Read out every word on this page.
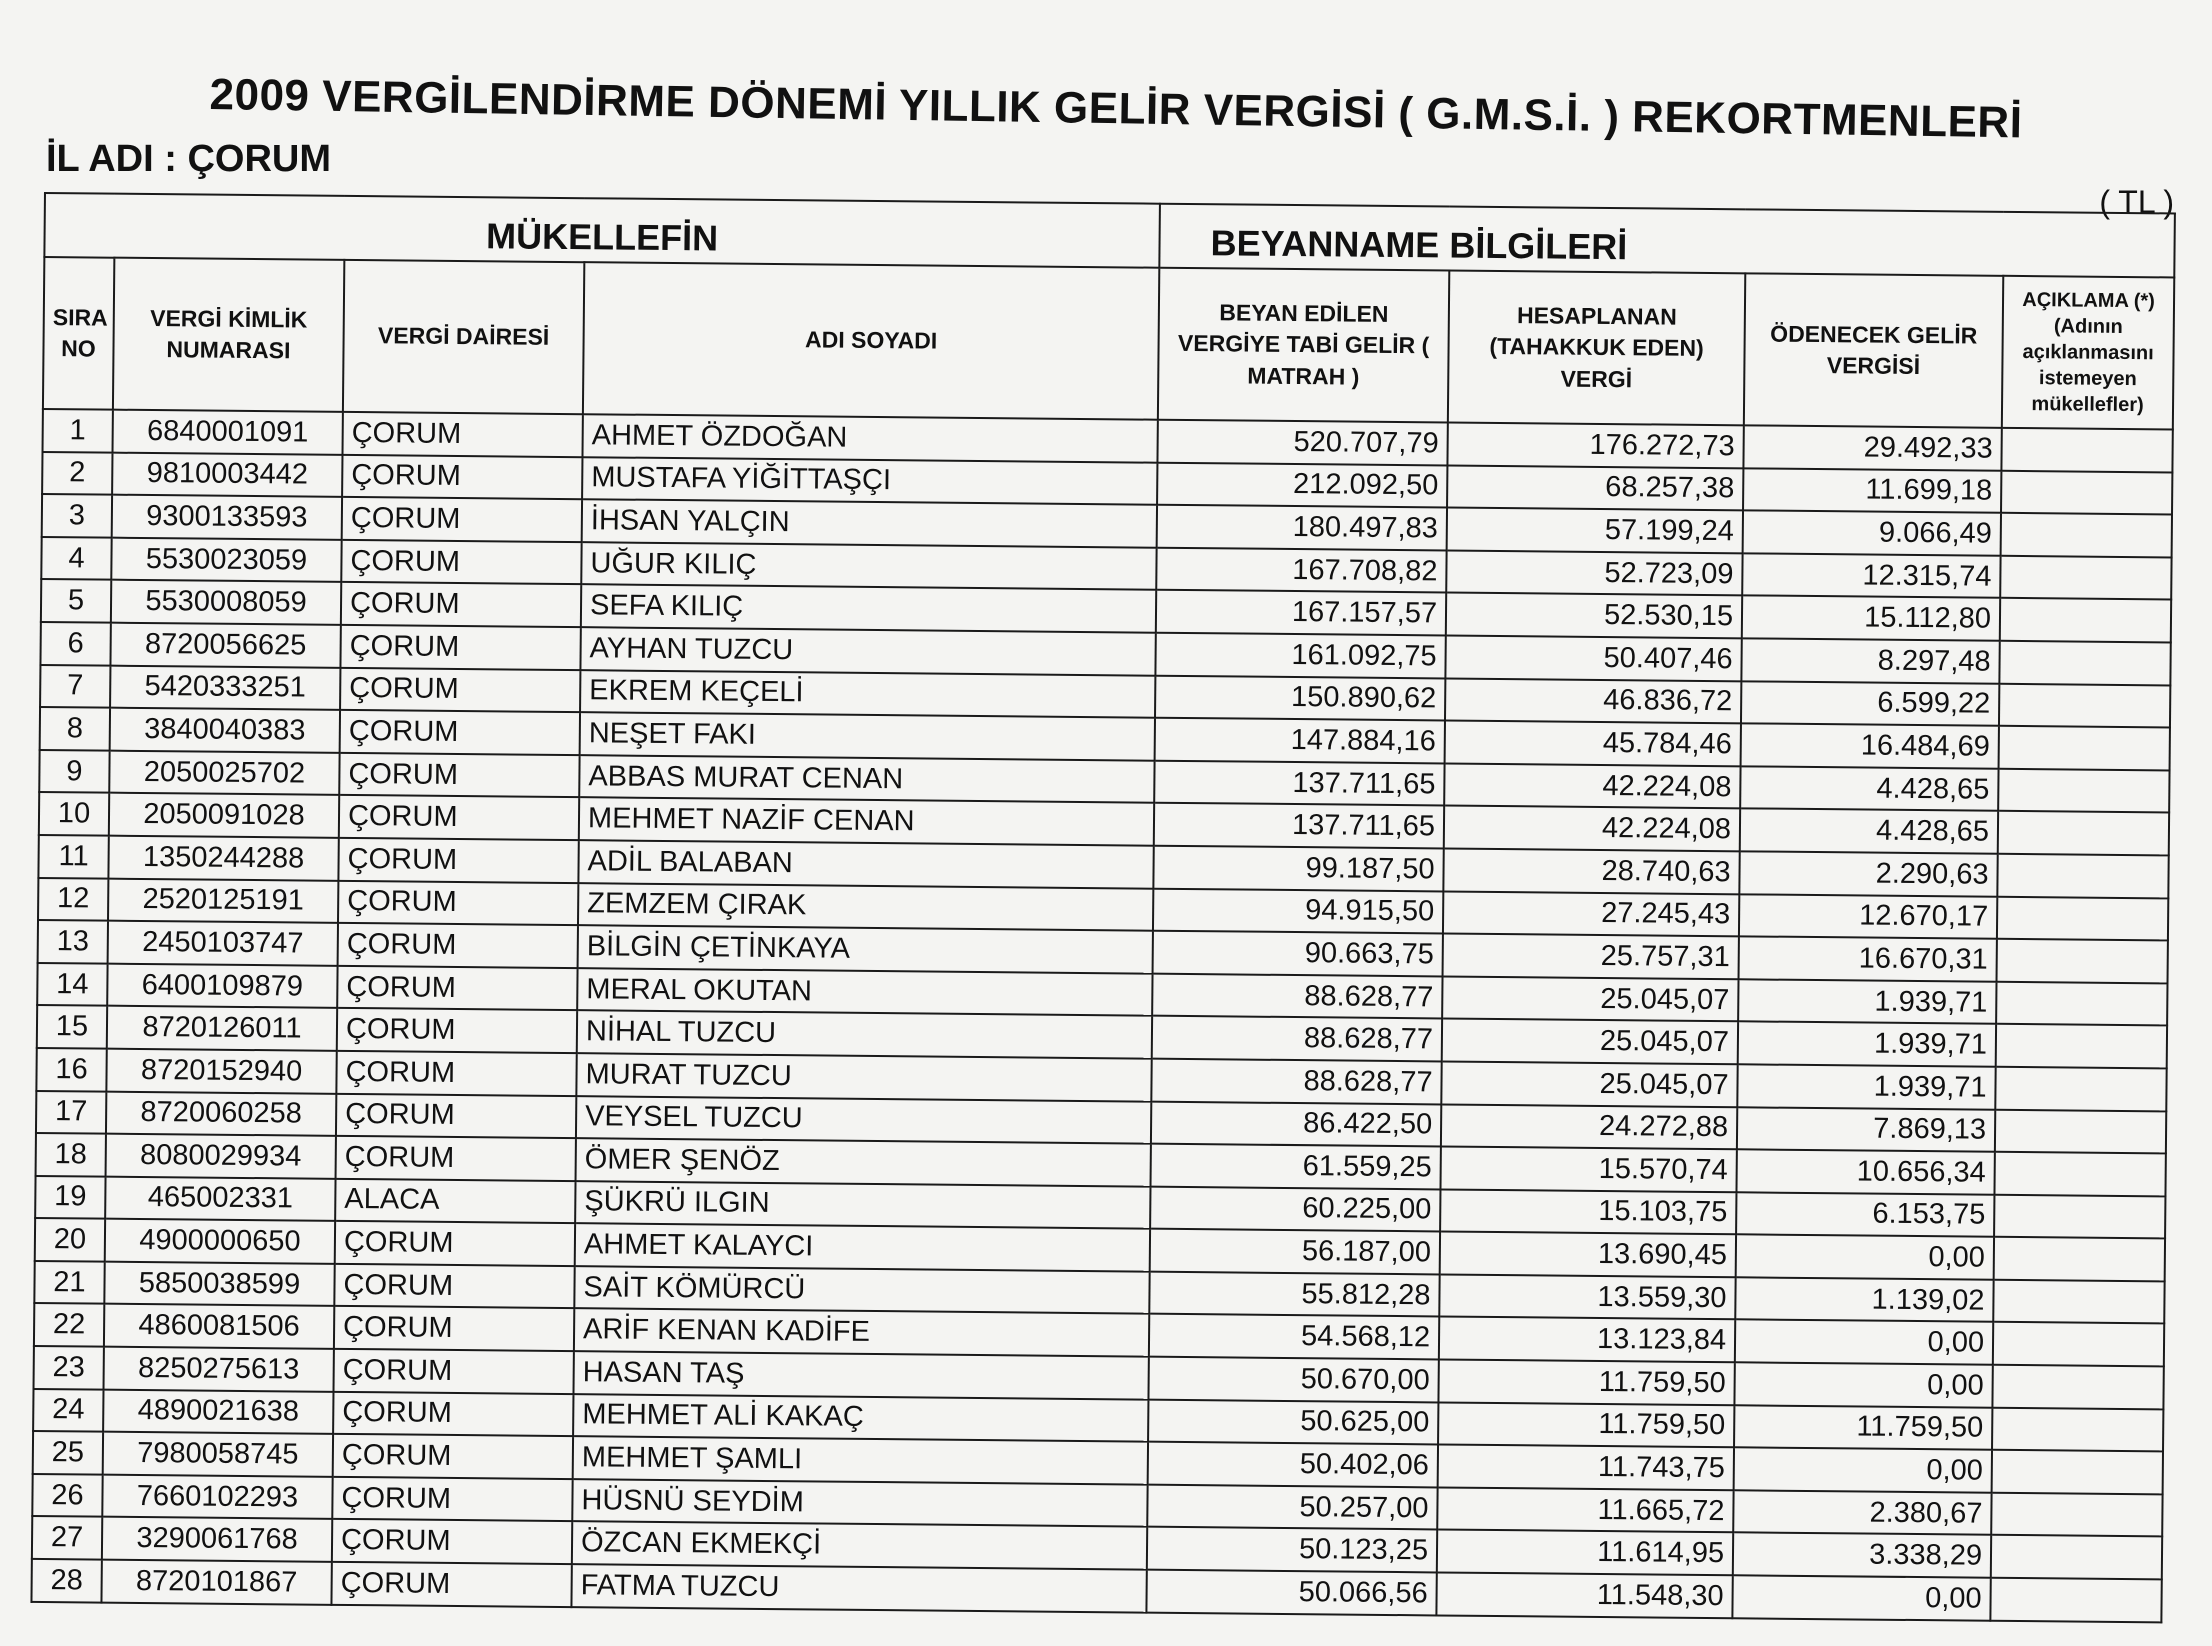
2009 VERGİLENDİRME DÖNEMİ YILLIK GELİR VERGİSİ ( G.M.S.İ. ) REKORTMENLERİ
İL ADI : ÇORUM
( TL )
MÜKELLEFİN				BEYANNAME BİLGİLERİ			
SIRA NO	VERGİ KİMLİK NUMARASI	VERGİ DAİRESİ	ADI SOYADI	BEYAN EDİLEN VERGİYE TABİ GELİR ( MATRAH )	HESAPLANAN (TAHAKKUK EDEN) VERGİ	ÖDENECEK GELİR VERGİSİ	AÇIKLAMA (*) (Adının açıklanmasını istemeyen mükellefler)
1	6840001091	ÇORUM	AHMET ÖZDOĞAN	520.707,79	176.272,73	29.492,33	
2	9810003442	ÇORUM	MUSTAFA YİĞİTTAŞÇI	212.092,50	68.257,38	11.699,18	
3	9300133593	ÇORUM	İHSAN YALÇIN	180.497,83	57.199,24	9.066,49	
4	5530023059	ÇORUM	UĞUR KILIÇ	167.708,82	52.723,09	12.315,74	
5	5530008059	ÇORUM	SEFA KILIÇ	167.157,57	52.530,15	15.112,80	
6	8720056625	ÇORUM	AYHAN TUZCU	161.092,75	50.407,46	8.297,48	
7	5420333251	ÇORUM	EKREM KEÇELİ	150.890,62	46.836,72	6.599,22	
8	3840040383	ÇORUM	NEŞET FAKI	147.884,16	45.784,46	16.484,69	
9	2050025702	ÇORUM	ABBAS MURAT CENAN	137.711,65	42.224,08	4.428,65	
10	2050091028	ÇORUM	MEHMET NAZİF CENAN	137.711,65	42.224,08	4.428,65	
11	1350244288	ÇORUM	ADİL BALABAN	99.187,50	28.740,63	2.290,63	
12	2520125191	ÇORUM	ZEMZEM ÇIRAK	94.915,50	27.245,43	12.670,17	
13	2450103747	ÇORUM	BİLGİN ÇETİNKAYA	90.663,75	25.757,31	16.670,31	
14	6400109879	ÇORUM	MERAL OKUTAN	88.628,77	25.045,07	1.939,71	
15	8720126011	ÇORUM	NİHAL TUZCU	88.628,77	25.045,07	1.939,71	
16	8720152940	ÇORUM	MURAT TUZCU	88.628,77	25.045,07	1.939,71	
17	8720060258	ÇORUM	VEYSEL TUZCU	86.422,50	24.272,88	7.869,13	
18	8080029934	ÇORUM	ÖMER ŞENÖZ	61.559,25	15.570,74	10.656,34	
19	465002331	ALACA	ŞÜKRÜ ILGIN	60.225,00	15.103,75	6.153,75	
20	4900000650	ÇORUM	AHMET KALAYCI	56.187,00	13.690,45	0,00	
21	5850038599	ÇORUM	SAİT KÖMÜRCÜ	55.812,28	13.559,30	1.139,02	
22	4860081506	ÇORUM	ARİF KENAN KADİFE	54.568,12	13.123,84	0,00	
23	8250275613	ÇORUM	HASAN TAŞ	50.670,00	11.759,50	0,00	
24	4890021638	ÇORUM	MEHMET ALİ KAKAÇ	50.625,00	11.759,50	11.759,50	
25	7980058745	ÇORUM	MEHMET ŞAMLI	50.402,06	11.743,75	0,00	
26	7660102293	ÇORUM	HÜSNÜ SEYDİM	50.257,00	11.665,72	2.380,67	
27	3290061768	ÇORUM	ÖZCAN EKMEKÇİ	50.123,25	11.614,95	3.338,29	
28	8720101867	ÇORUM	FATMA TUZCU	50.066,56	11.548,30	0,00	
